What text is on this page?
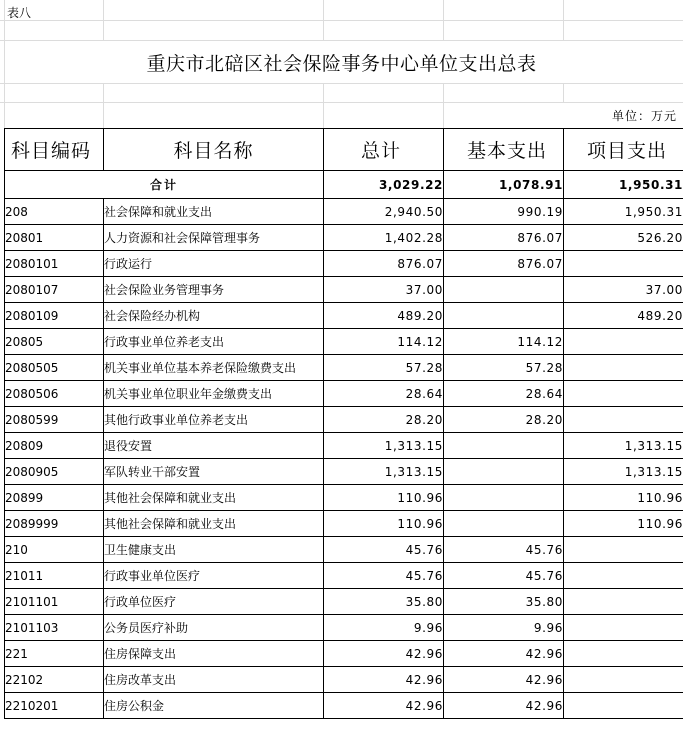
表八
重庆市北碚区社会保险事务中心单位支出总表
单位：万元
科目编码	科目名称	总计	基本支出	项目支出
合计		3,029.22	1,078.91	1,950.31
208	社会保障和就业支出	2,940.50	990.19	1,950.31
20801	人力资源和社会保障管理事务	1,402.28	876.07	526.20
2080101	行政运行	876.07	876.07	
2080107	社会保险业务管理事务	37.00		37.00
2080109	社会保险经办机构	489.20		489.20
20805	行政事业单位养老支出	114.12	114.12	
2080505	机关事业单位基本养老保险缴费支出	57.28	57.28	
2080506	机关事业单位职业年金缴费支出	28.64	28.64	
2080599	其他行政事业单位养老支出	28.20	28.20	
20809	退役安置	1,313.15		1,313.15
2080905	军队转业干部安置	1,313.15		1,313.15
20899	其他社会保障和就业支出	110.96		110.96
2089999	其他社会保障和就业支出	110.96		110.96
210	卫生健康支出	45.76	45.76	
21011	行政事业单位医疗	45.76	45.76	
2101101	行政单位医疗	35.80	35.80	
2101103	公务员医疗补助	9.96	9.96	
221	住房保障支出	42.96	42.96	
22102	住房改革支出	42.96	42.96	
2210201	住房公积金	42.96	42.96	
